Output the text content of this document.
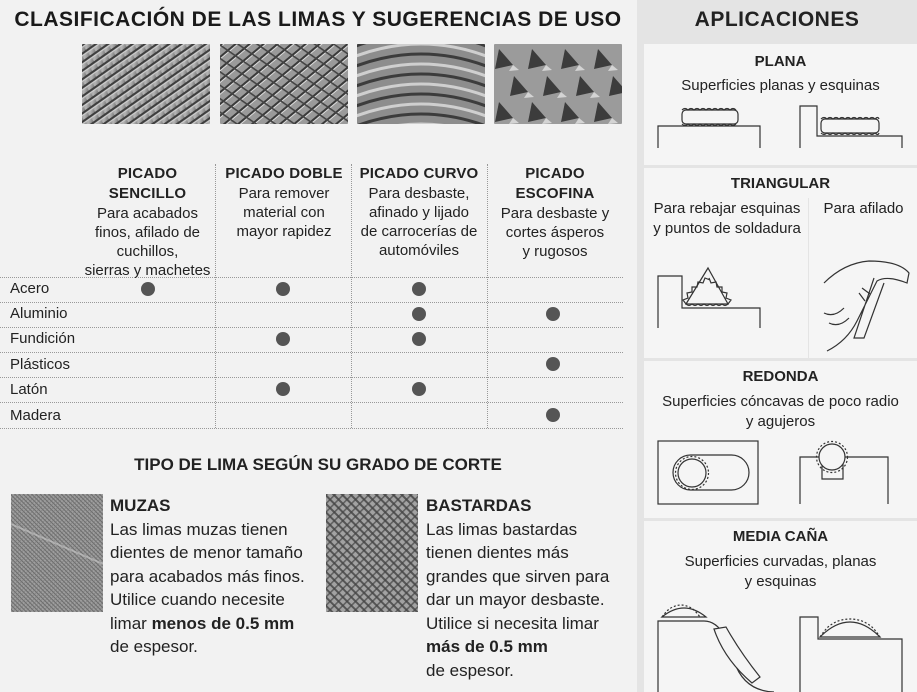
CLASIFICACIÓN DE LAS LIMAS Y SUGERENCIAS DE USO
PICADO SENCILLO
Para acabados
finos, afilado de
cuchillos,
sierras y machetes
PICADO DOBLE
Para remover
material con
mayor rapidez
PICADO CURVO
Para desbaste,
afinado y lijado
de carrocerías de
automóviles
PICADO ESCOFINA
Para desbaste y
cortes ásperos
y rugosos
Acero
Aluminio
Fundición
Plásticos
Latón
Madera
TIPO DE LIMA SEGÚN SU GRADO DE CORTE
MUZAS
Las limas muzas tienen
dientes de menor tamaño
para acabados más finos.
Utilice cuando necesite
limar menos de 0.5 mm
de espesor.
BASTARDAS
Las limas bastardas
tienen dientes más
grandes que sirven para
dar un mayor desbaste.
Utilice si necesita limar
más de 0.5 mm
de espesor.
APLICACIONES
PLANA
Superficies planas y esquinas
TRIANGULAR
Para rebajar esquinas
y puntos de soldadura
Para afilado
REDONDA
Superficies cóncavas de poco radio
y agujeros
MEDIA CAÑA
Superficies curvadas, planas
y esquinas
